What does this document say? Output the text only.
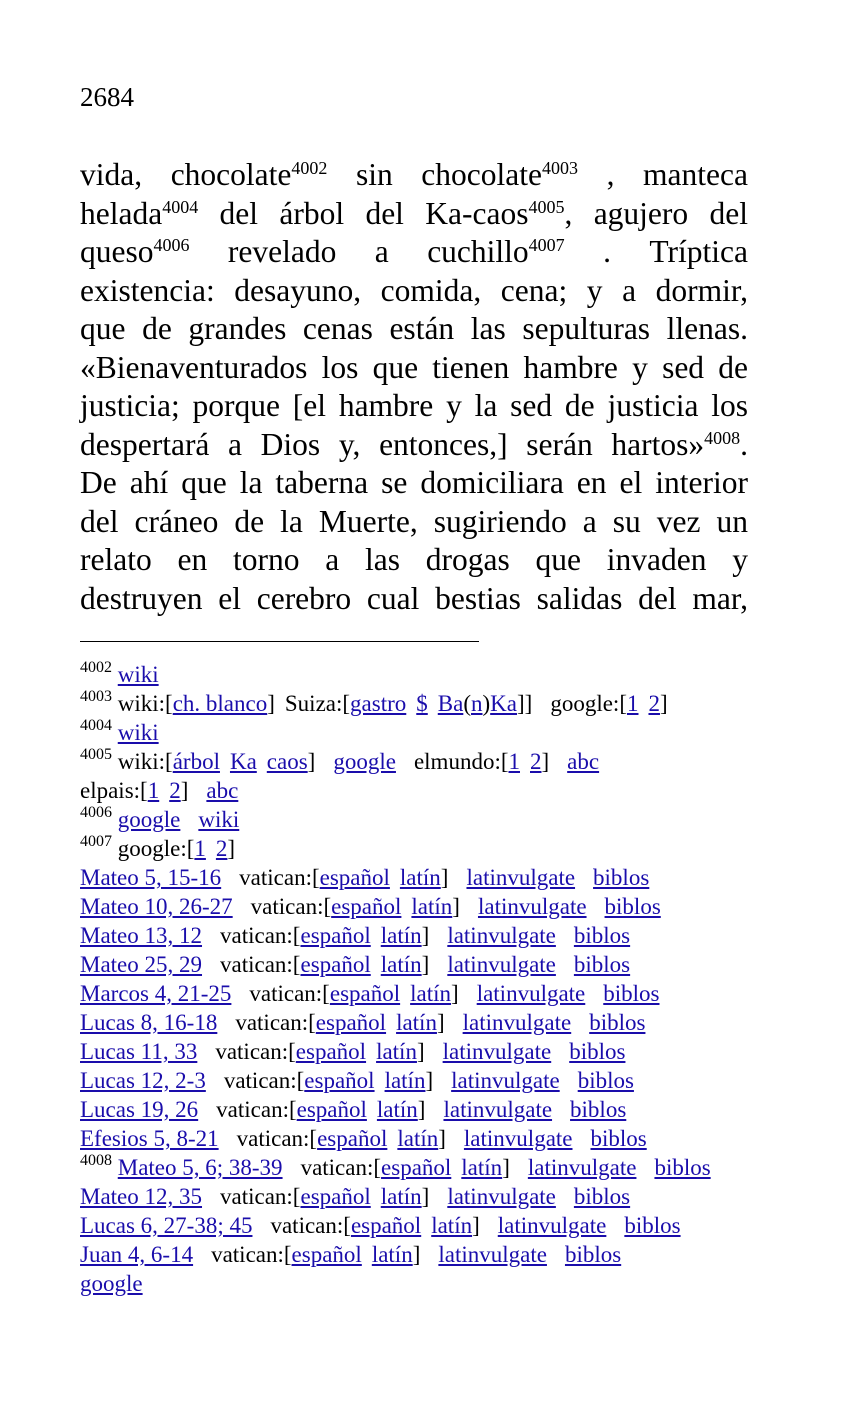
2684
vida, chocolate$^{4002}$ sin chocolate$^{4003}$ , manteca
helada$^{4004}$ del árbol del Ka-caos$^{4005}$, agujero del
queso$^{4006}$ revelado a cuchillo$^{4007}$ . Tríptica
existencia: desayuno, comida, cena; y a dormir,
que de grandes cenas están las sepulturas llenas.
«Bienaventurados los que tienen hambre y sed de
justicia; porque [el hambre y la sed de justicia los
despertará a Dios y, entonces,] serán hartos»$^{4008}$.
De ahí que la taberna se domiciliara en el interior
del cráneo de la Muerte, sugiriendo a su vez un
relato en torno a las drogas que invaden y
destruyen el cerebro cual bestias salidas del mar,
$^{4002}$ wiki
$^{4003}$ wiki:[ch. blanco] Suiza:[gastro $ Ba(n)Ka]] google:[1 2]
$^{4004}$ wiki
$^{4005}$ wiki:[árbol Ka caos] google elmundo:[1 2] abc
elpais:[1 2] abc
$^{4006}$ google wiki
$^{4007}$ google:[1 2]
Mateo 5, 15-16 vatican:[español latín] latinvulgate biblos
Mateo 10, 26-27 vatican:[español latín] latinvulgate biblos
Mateo 13, 12 vatican:[español latín] latinvulgate biblos
Mateo 25, 29 vatican:[español latín] latinvulgate biblos
Marcos 4, 21-25 vatican:[español latín] latinvulgate biblos
Lucas 8, 16-18 vatican:[español latín] latinvulgate biblos
Lucas 11, 33 vatican:[español latín] latinvulgate biblos
Lucas 12, 2-3 vatican:[español latín] latinvulgate biblos
Lucas 19, 26 vatican:[español latín] latinvulgate biblos
Efesios 5, 8-21 vatican:[español latín] latinvulgate biblos
$^{4008}$ Mateo 5, 6; 38-39 vatican:[español latín] latinvulgate biblos
Mateo 12, 35 vatican:[español latín] latinvulgate biblos
Lucas 6, 27-38; 45 vatican:[español latín] latinvulgate biblos
Juan 4, 6-14 vatican:[español latín] latinvulgate biblos
google
